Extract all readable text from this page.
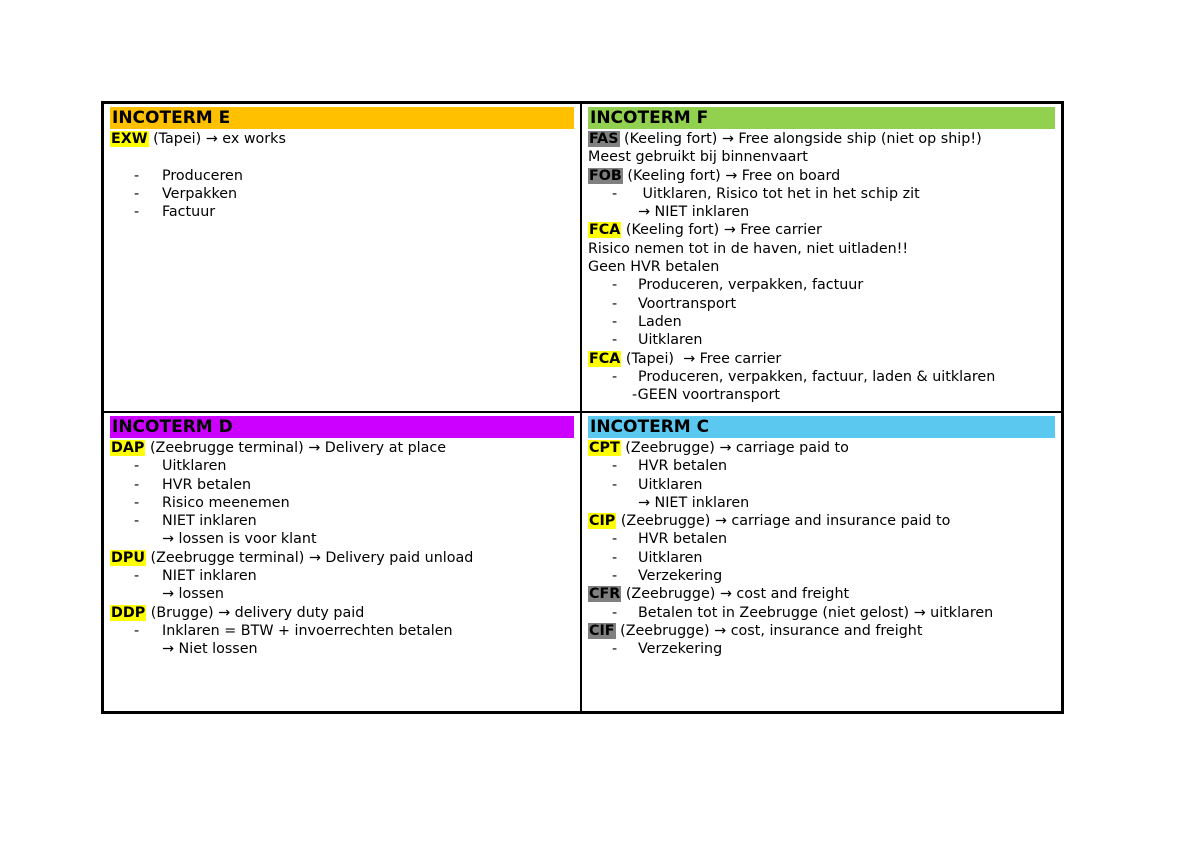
INCOTERM E
EXW (Tapei) → ex works
- Produceren
- Verpakken
- Factuur
INCOTERM F
FAS (Keeling fort) → Free alongside ship (niet op ship!)
Meest gebruikt bij binnenvaart
FOB (Keeling fort) → Free on board
- Uitklaren, Risico tot het in het schip zit
→ NIET inklaren
FCA (Keeling fort) → Free carrier
Risico nemen tot in de haven, niet uitladen!!
Geen HVR betalen
- Produceren, verpakken, factuur
- Voortransport
- Laden
- Uitklaren
FCA (Tapei)  → Free carrier
- Produceren, verpakken, factuur, laden & uitklaren
-GEEN voortransport
INCOTERM D
DAP (Zeebrugge terminal) → Delivery at place
- Uitklaren
- HVR betalen
- Risico meenemen
- NIET inklaren
→ lossen is voor klant
DPU (Zeebrugge terminal) → Delivery paid unload
- NIET inklaren
→ lossen
DDP (Brugge) → delivery duty paid
- Inklaren = BTW + invoerrechten betalen
→ Niet lossen
INCOTERM C
CPT (Zeebrugge) → carriage paid to
- HVR betalen
- Uitklaren
→ NIET inklaren
CIP (Zeebrugge) → carriage and insurance paid to
- HVR betalen
- Uitklaren
- Verzekering
CFR (Zeebrugge) → cost and freight
- Betalen tot in Zeebrugge (niet gelost) → uitklaren
CIF (Zeebrugge) → cost, insurance and freight
- Verzekering
